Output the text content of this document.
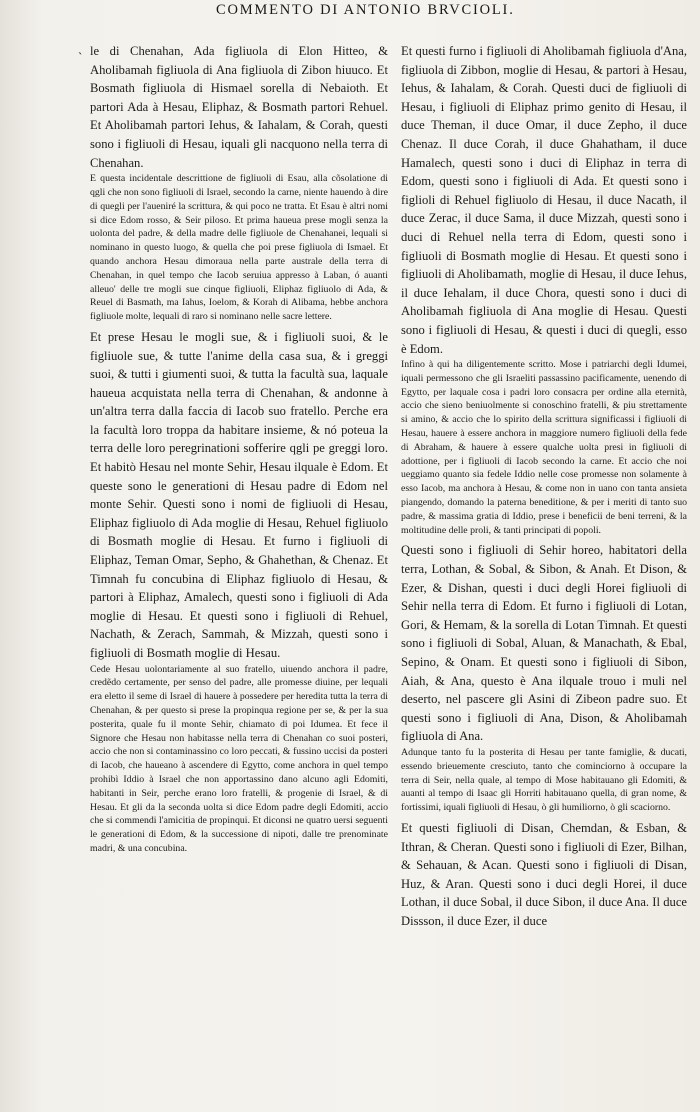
COMMENTO DI ANTONIO BRVCIOLI.
ˎ le di Chenahan, Ada figliuola di Elon Hitteo, & Aholibamah figliuola di Ana figliuola di Zibon hiuuco. Et Bosmath figliuola di Hismael sorella di Nebaioth. Et partori Ada à Hesau, Eliphaz, & Bosmath partori Rehuel. Et Aholibamah partori Iehus, & Iahalam, & Corah, questi sono i figliuoli di Hesau, iquali gli nacquono nella terra di Chenahan.

E questa incidentale descrittione de figliuoli di Esau, alla cõsolatione di qgli che non sono figliuoli di Israel, secondo la carne, niente hauendo à dire di quegli per l'aueniré la scrittura, & qui poco ne tratta. Et Esau è altri nomi si dice Edom rosso, & Seir piloso. Et prima haueua prese moglì senza la uolonta del padre, & della madre delle figliuole de Chenahanei, lequali si nominano in questo luogo, & quella che poi prese figliuola di Ismael. Et quando anchora Hesau dimoraua nella parte australe della terra di Chenahan, in quel tempo che Iacob seruiua appresso à Laban, ó auanti alleuo' delle tre mogli sue cinque figliuoli, Eliphaz figliuolo di Ada, & Reuel di Basmath, ma Iahus, Ioelom, & Korah di Alibama, hebbe anchora figliuole molte, lequali di raro si nominano nelle sacre lettere.

Et prese Hesau le mogli sue, & i figliuoli suoi, & le figliuole sue, & tutte l'anime della casa sua, & i greggi suoi, & tutti i giumenti suoi, & tutta la facultà sua, laquale haueua acquistata nella terra di Chenahan, & andonne à un'altra terra dalla faccia di Iacob suo fratello. Perche era la facultà loro troppa da habitare insieme, & nó poteua la terra delle loro peregrinationi sofferire qgli pe greggi loro. Et habitò Hesau nel monte Sehir, Hesau ilquale è Edom. Et queste sono le generationi di Hesau padre di Edom nel monte Sehir. Questi sono i nomi de figliuoli di Hesau, Eliphaz figliuolo di Ada moglie di Hesau, Rehuel figliuolo di Bosmath moglie di Hesau. Et furno i figliuoli di Eliphaz, Teman Omar, Sepho, & Ghahethan, & Chenaz. Et Timnah fu concubina di Eliphaz figliuolo di Hesau, & partori à Eliphaz, Amalech, questi sono i figliuoli di Ada moglie di Hesau. Et questi sono i figliuoli di Rehuel, Nachath, & Zerach, Sammah, & Mizzah, questi sono i figliuoli di Bosmath moglie di Hesau.

Cede Hesau uolontariamente al suo fratello, uiuendo anchora il padre, credẽdo certamente, per senso del padre, alle promesse diuine, per lequali era eletto il seme di Israel di hauere à possedere per heredita tutta la terra di Chenahan, & per questo si prese la propinqua regione per se, & per la sua posterita, quale fu il monte Sehir, chiamato di poi Idumea. Et fece il Signore che Hesau non habitasse nella terra di Chenahan co suoi posteri, accio che non si contaminassino co loro peccati, & fussino uccisi da posteri di Iacob, che haueano à ascendere di Egytto, come anchora in quel tempo prohibì Iddio à Israel che non apportassino dano alcuno agli Edomiti, habitanti in Seir, perche erano loro fratelli, & progenie di Israel, & di Hesau. Et gli da la seconda uolta si dice Edom padre degli Edomiti, accio che si commendi l'amicitia de propinqui. Et diconsi ne quatro uersi seguenti le generationi di Edom, & la successione di nipoti, dalle tre prenominate madri, & una concubina.

Et questi furno i figliuoli di Aholibamah figliuola d'Ana, figliuola di Zibbon, moglie di Hesau, & partori à Hesau, Iehus, & Iahalam, & Corah. Questi duci de figliuoli di Hesau, i figliuoli di Eliphaz primo genito di Hesau, il duce Theman, il duce Omar, il duce Zepho, il duce Chenaz. Il duce Corah, il duce Ghahatham, il duce Hamalech, questi sono i duci di Eliphaz in terra di Edom, questi sono i figliuoli di Ada. Et questi sono i figlioli di Rehuel figliuolo di Hesau, il duce Nacath, il duce Zerac, il duce Sama, il duce Mizzah, questi sono i duci di Rehuel nella terra di Edom, questi sono i figliuoli di Bosmath moglie di Hesau. Et questi sono i figliuoli di Aholibamath, moglie di Hesau, il duce Iehus, il duce Iehalam, il duce Chora, questi sono i duci di Aholibamah figliuola di Ana moglie di Hesau. Questi sono i figliuoli di Hesau, & questi i duci di quegli, esso è Edom.

Infino à qui ha diligentemente scritto. Mose i patriarchi degli Idumei, iquali permessono che gli Israeliti passassino pacificamente, uenendo di Egytto, per laquale cosa i padri loro consacra per ordine alla eternità, accio che sieno beniuolmente si conoschino fratelli, & piu strettamente si amino, & accio che lo spirito della scrittura significassi i figliuoli di Hesau, hauere à essere anchora in maggiore numero figliuoli della fede di Abraham, & hauere à essere qualche uolta presi in figliuoli di adottione, per i figliuoli di Iacob secondo la carne. Et accio che noi ueggiamo quanto sia fedele Iddio nelle cose promesse non solamente à esso Iacob, ma anchora à Hesau, & come non in uano con tanta ansieta piangendo, domando la paterna beneditione, & per i meriti di tanto suo padre, & massima gratia di Iddio, prese i beneficii de beni terreni, & la moltitudine delle proli, & tanti principati di popoli.

Questi sono i figliuoli di Sehir horeo, habitatori della terra, Lothan, & Sobal, & Sibon, & Anah. Et Dison, & Ezer, & Dishan, questi i duci degli Horei figliuoli di Sehir nella terra di Edom. Et furno i figliuoli di Lotan, Gori, & Hemam, & la sorella di Lotan Timnah. Et questi sono i figliuoli di Sobal, Aluan, & Manachath, & Ebal, Sepino, & Onam. Et questi sono i figliuoli di Sibon, Aiah, & Ana, questo è Ana ilquale trouo i muli nel deserto, nel pascere gli Asini di Zibeon padre suo. Et questi sono i figliuoli di Ana, Dison, & Aholibamah figliuola di Ana.

Adunque tanto fu la posterita di Hesau per tante famiglie, & ducati, essendo brieuemente cresciuto, tanto che cominciorno à occupare la terra di Seir, nella quale, al tempo di Mose habitauano gli Edomiti, & auanti al tempo di Isaac gli Horriti habitauano quella, di gran nome, & fortissimi, iquali figliuoli di Hesau, ò gli humiliorno, ò gli scaciorno.

Et questi figliuoli di Disan, Chemdan, & Esban, & Ithran, & Cheran. Questi sono i figliuoli di Ezer, Bilhan, & Sehauan, & Acan. Questi sono i figliuoli di Disan, Huz, & Aran. Questi sono i duci degli Horei, il duce Lothan, il duce Sobal, il duce Sibon, il duce Ana. Il duce Dissson, il duce Ezer, il duce
